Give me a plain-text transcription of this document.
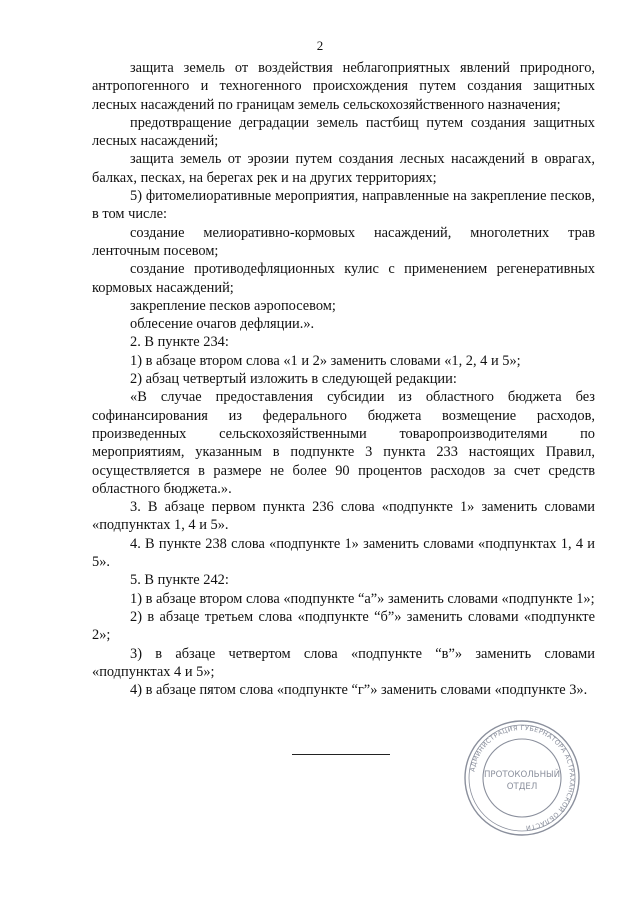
2

защита земель от воздействия неблагоприятных явлений природного, антропогенного и техногенного происхождения путем создания защитных лесных насаждений по границам земель сельскохозяйственного назначения;

предотвращение деградации земель пастбищ путем создания защитных лесных насаждений;

защита земель от эрозии путем создания лесных насаждений в оврагах, балках, песках, на берегах рек и на других территориях;

5) фитомелиоративные мероприятия, направленные на закрепление песков, в том числе:

создание мелиоративно-кормовых насаждений, многолетних трав ленточным посевом;

создание противодефляционных кулис с применением регенеративных кормовых насаждений;

закрепление песков аэропосевом;

облесение очагов дефляции.».

2. В пункте 234:

1) в абзаце втором слова «1 и 2» заменить словами «1, 2, 4 и 5»;

2) абзац четвертый изложить в следующей редакции:

«В случае предоставления субсидии из областного бюджета без софинансирования из федерального бюджета возмещение расходов, произведенных сельскохозяйственными товаропроизводителями по мероприятиям, указанным в подпункте 3 пункта 233 настоящих Правил, осуществляется в размере не более 90 процентов расходов за счет средств областного бюджета.».

3. В абзаце первом пункта 236 слова «подпункте 1» заменить словами «подпунктах 1, 4 и 5».

4. В пункте 238 слова «подпункте 1» заменить словами «подпунктах 1, 4 и 5».

5. В пункте 242:

1) в абзаце втором слова «подпункте “а”» заменить словами «подпункте 1»;

2) в абзаце третьем слова «подпункте “б”» заменить словами «подпункте 2»;

3) в абзаце четвертом слова «подпункте “в”» заменить словами «подпунктах 4 и 5»;

4) в абзаце пятом слова «подпункте “г”» заменить словами «подпункте 3».

АДМИНИСТРАЦИЯ ГУБЕРНАТОРА АСТРАХАНСКОЙ ОБЛАСТИ
ПРОТОКОЛЬНЫЙ
ОТДЕЛ
